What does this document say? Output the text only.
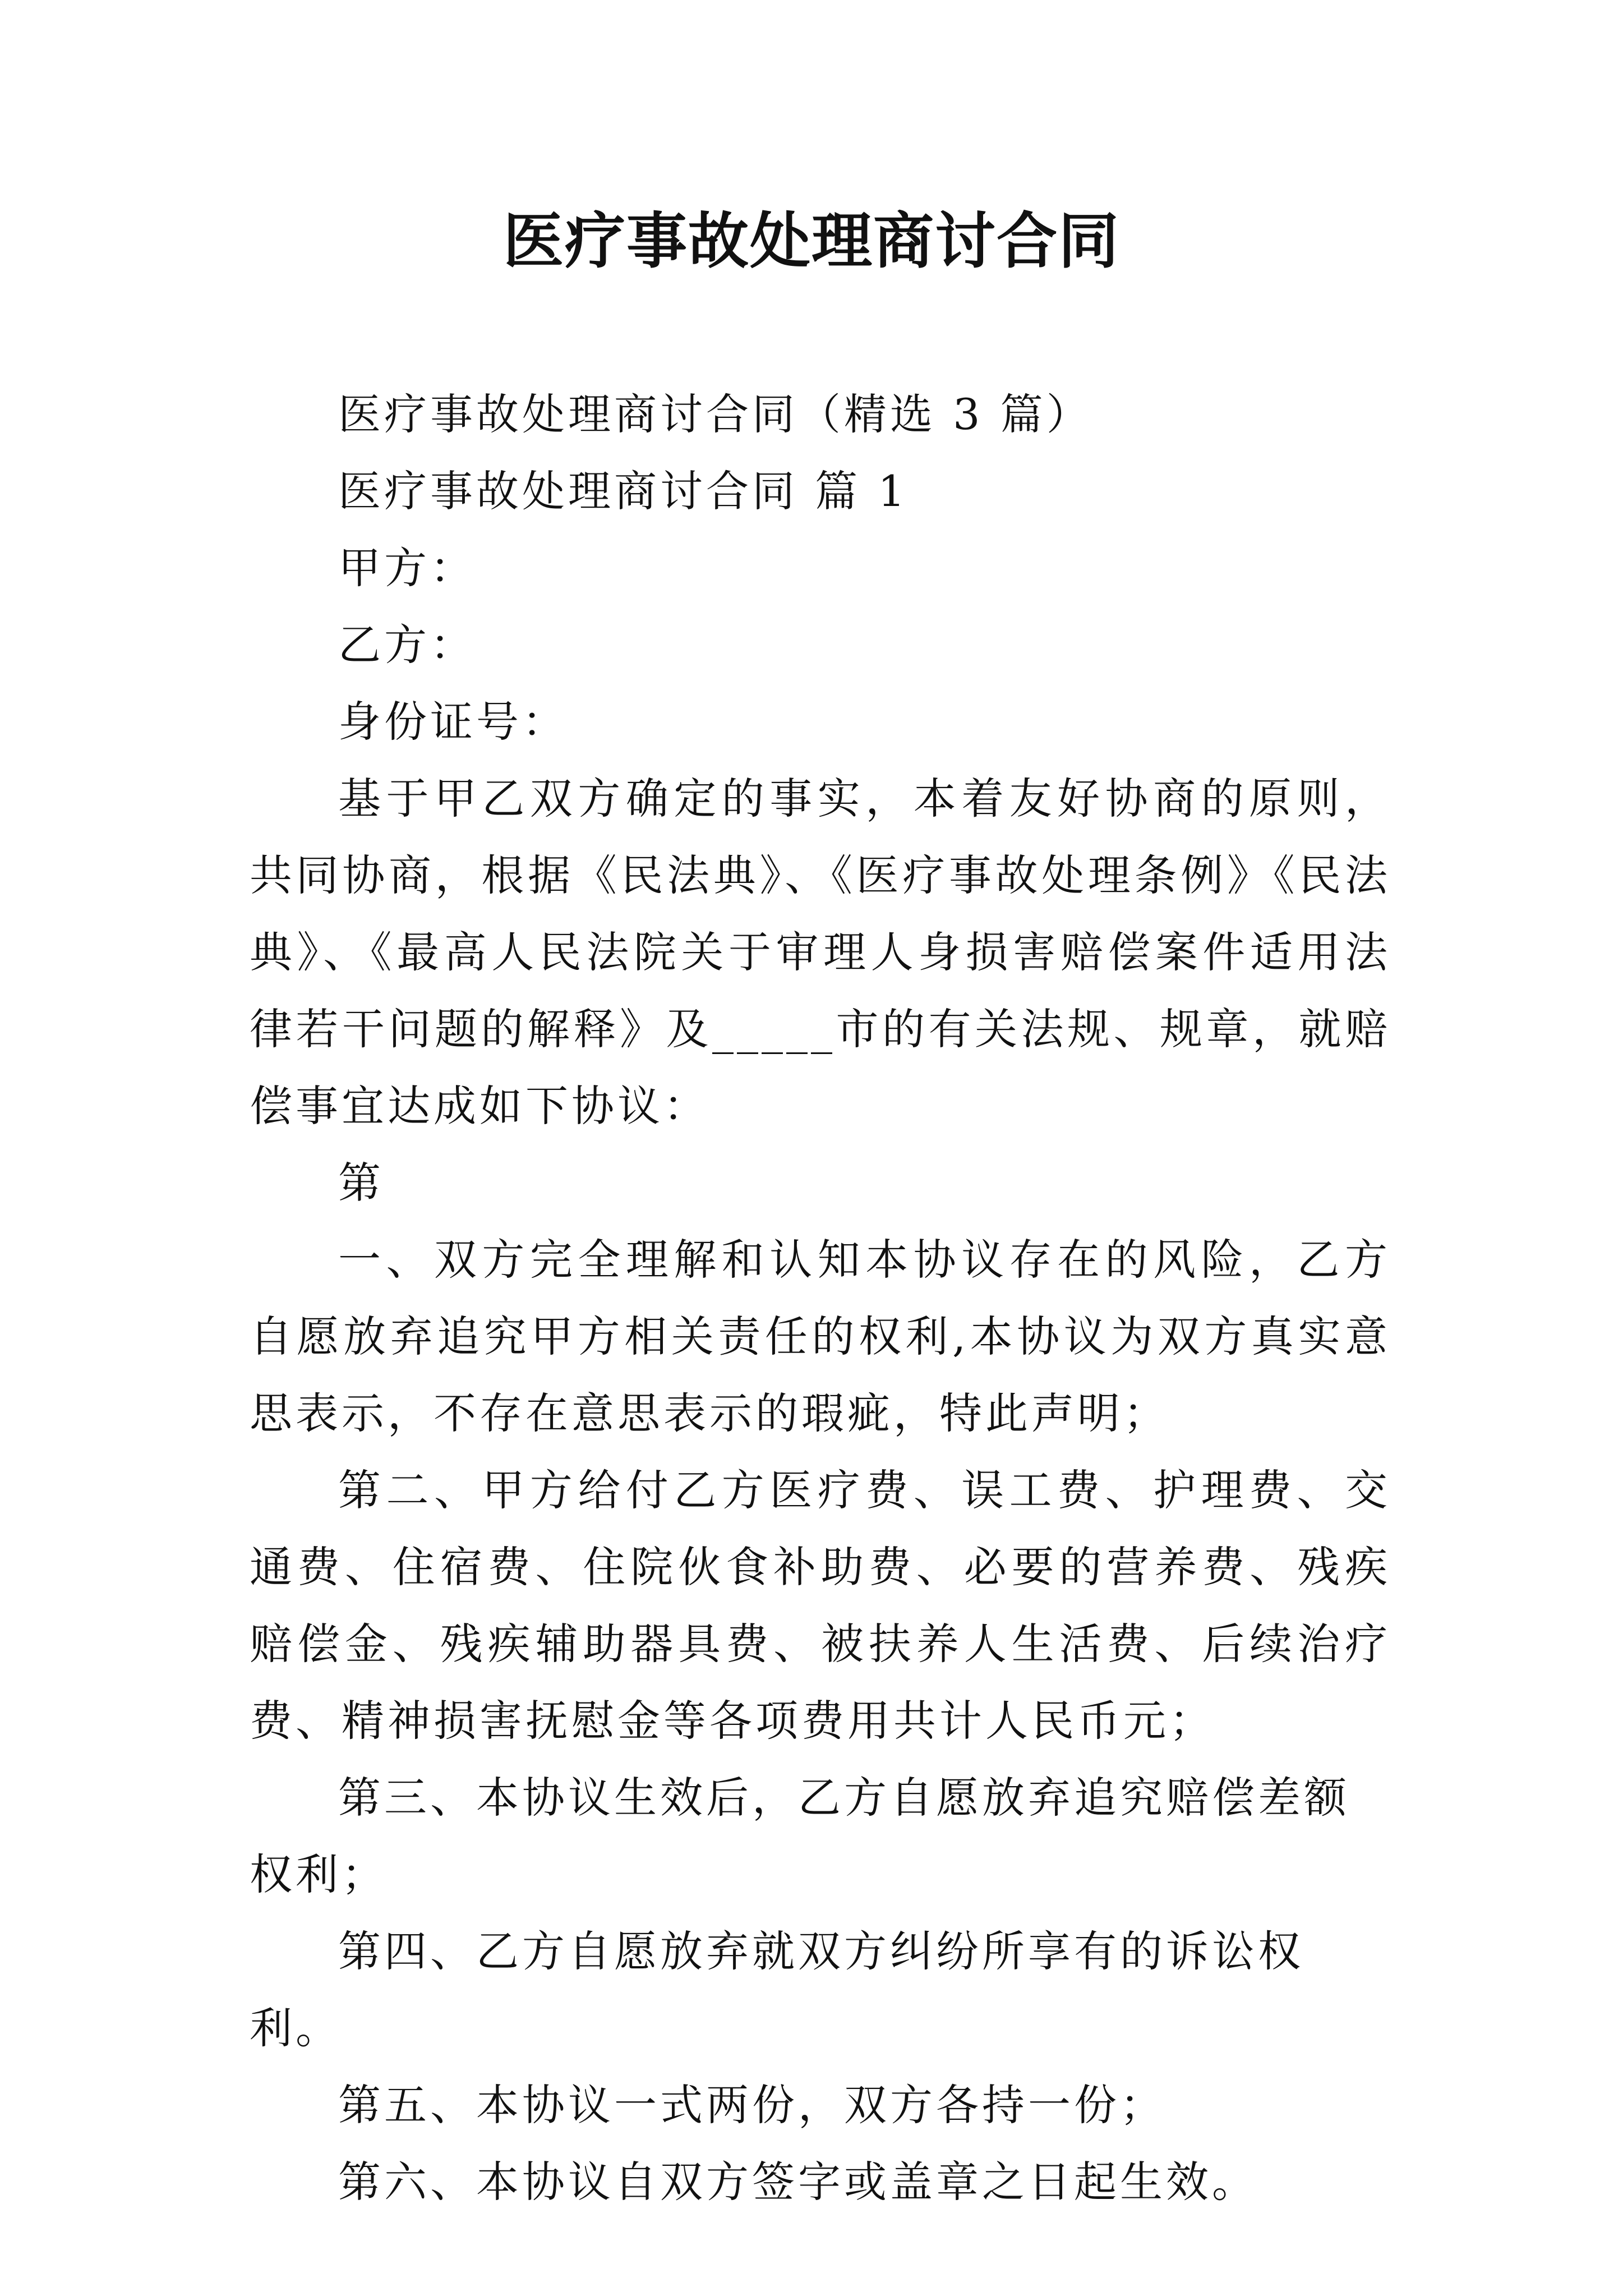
医疗事故处理商讨合同

医疗事故处理商讨合同（精选 3 篇）

医疗事故处理商讨合同 篇 1

甲方：

乙方：

身份证号：

基于甲乙双方确定的事实，本着友好协商的原则，共同协商，根据《民法典》、《医疗事故处理条例》《民法典》、《最高人民法院关于审理人身损害赔偿案件适用法律若干问题的解释》及_____市的有关法规、规章，就赔偿事宜达成如下协议：

第

一、双方完全理解和认知本协议存在的风险，乙方自愿放弃追究甲方相关责任的权利,本协议为双方真实意思表示，不存在意思表示的瑕疵，特此声明；

第二、甲方给付乙方医疗费、误工费、护理费、交通费、住宿费、住院伙食补助费、必要的营养费、残疾赔偿金、残疾辅助器具费、被扶养人生活费、后续治疗费、精神损害抚慰金等各项费用共计人民币元；

第三、本协议生效后，乙方自愿放弃追究赔偿差额权利；

第四、乙方自愿放弃就双方纠纷所享有的诉讼权利。

第五、本协议一式两份，双方各持一份；

第六、本协议自双方签字或盖章之日起生效。
